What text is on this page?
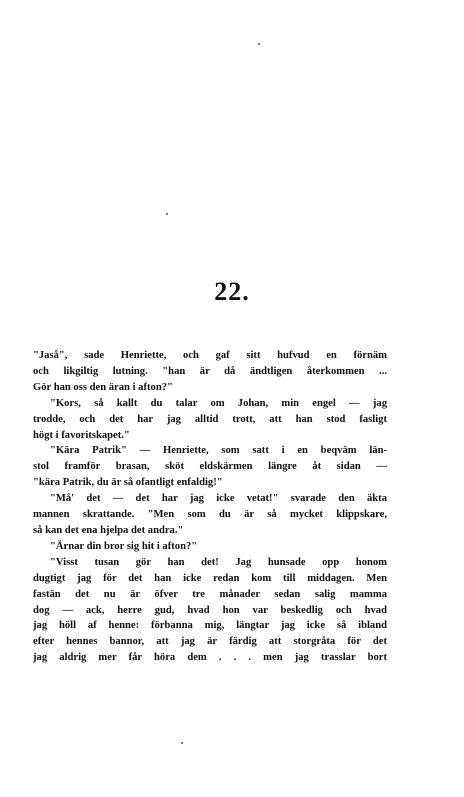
22.
"Jaså", sade Henriette, och gaf sitt hufvud en förnäm
och likgiltig lutning. "han är då ändtligen återkommen ...
Gör han oss den äran i afton?"
"Kors, så kallt du talar om Johan, min engel — jag
trodde, och det har jag alltid trott, att han stod fasligt
högt i favoritskapet."
"Kära Patrik" — Henriette, som satt i en beqväm län-
stol framför brasan, sköt eldskärmen längre åt sidan —
"kära Patrik, du är så ofantligt enfaldig!"
"Må' det — det har jag icke vetat!" svarade den äkta
mannen skrattande. "Men som du är så mycket klippskare,
så kan det ena hjelpa det andra."
"Ärnar din bror sig hit i afton?"
"Visst tusan gör han det! Jag hunsade opp honom
dugtigt jag för det han icke redan kom till middagen. Men
fastän det nu är öfver tre månader sedan salig mamma
dog — ack, herre gud, hvad hon var beskedlig och hvad
jag höll af henne: förbanna mig, längtar jag icke så ibland
efter hennes bannor, att jag är färdig att storgråta för det
jag aldrig mer får höra dem . . . men jag trasslar bort
